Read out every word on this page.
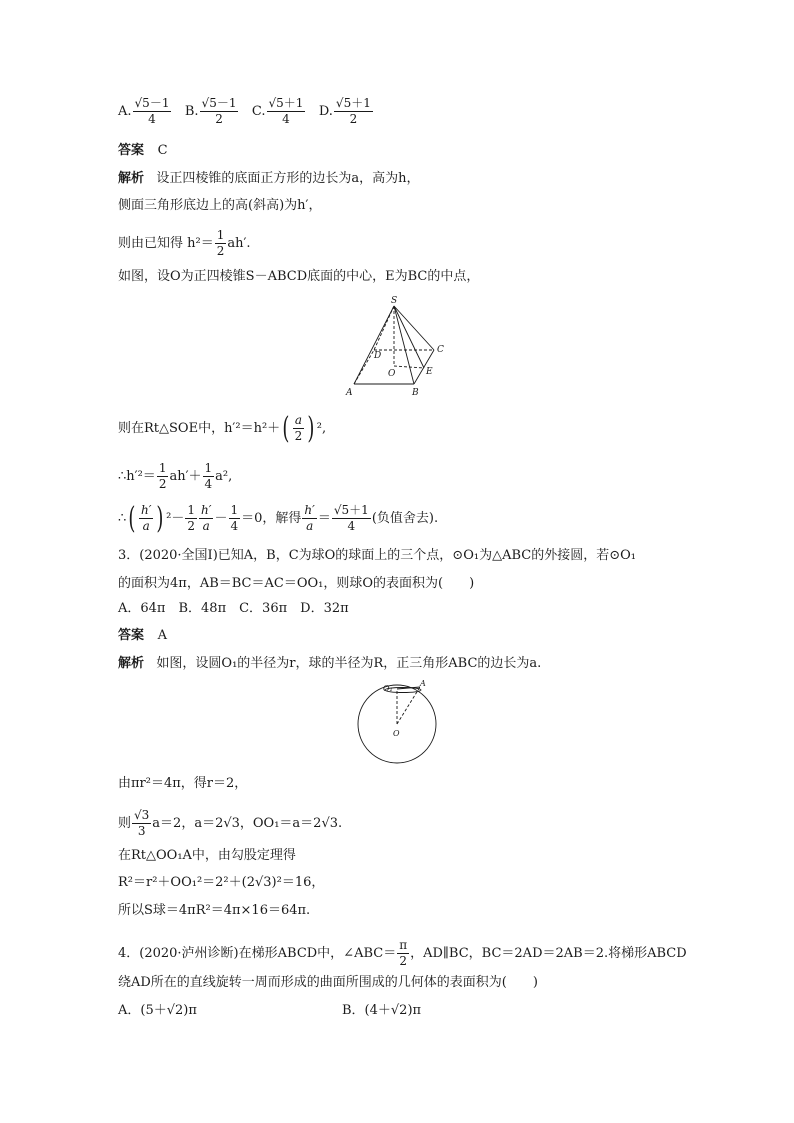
A. $\frac{√5-1}{4} B$. $\frac{√5-1}{2} C$. $\frac{√5+1}{4} D$. $\frac{√5+1}{2}$
答案 C
解析 设正四棱锥的底面正方形的边长为a，高为h，
侧面三角形底边上的高(斜高)为h′，
则由已知得 $h^2= \frac{1}{2} ah'$.
如图，设O为正四棱锥S－ABCD底面的中心，E为BC的中点，
S
A	B
C
D
E
O
则在Rt△SOE中，$h'^2=h^2+( \frac{a}{2}$ ) ²,
∴h′²＝ $\frac{1}{2} ah'+ \frac{1}{4} a^2$,
∴( $\frac{h'}{a}$ ) $^2- \frac{1}{2} \frac{h'}{a} - \frac{1}{4} =0$，解得 $\frac{h'}{a} = \frac{√5+1}{4}$ (负值舍去).
3．(2020·全国Ⅰ)已知A，B，C为球O的球面上的三个点，⊙O₁为△ABC的外接圆，若⊙O₁
的面积为4π，AB＝BC＝AC＝OO₁，则球O的表面积为(　　)
A．64π　B．48π　C．36π　D．32π
答案 A
解析 如图，设圆O₁的半径为r，球的半径为R，正三角形ABC的边长为a.
O₁
A
O
由πr²＝4π，得r＝2，
则 $\frac{√3}{3} a=2$，a＝2√3，OO₁＝a＝2√3.
在Rt△OO₁A中，由勾股定理得
R²＝r²＋OO₁²＝2²＋(2√3)²＝16，
所以S球＝4πR²＝4π×16＝64π.
4．(2020·泸州诊断)在梯形ABCD中，∠ABC＝ $\frac{\pi}{2}$ ，AD∥BC，BC＝2AD＝2AB＝2.将梯形ABCD
绕AD所在的直线旋转一周而形成的曲面所围成的几何体的表面积为(　　)
A．(5＋√2)π	B．(4＋√2)π
